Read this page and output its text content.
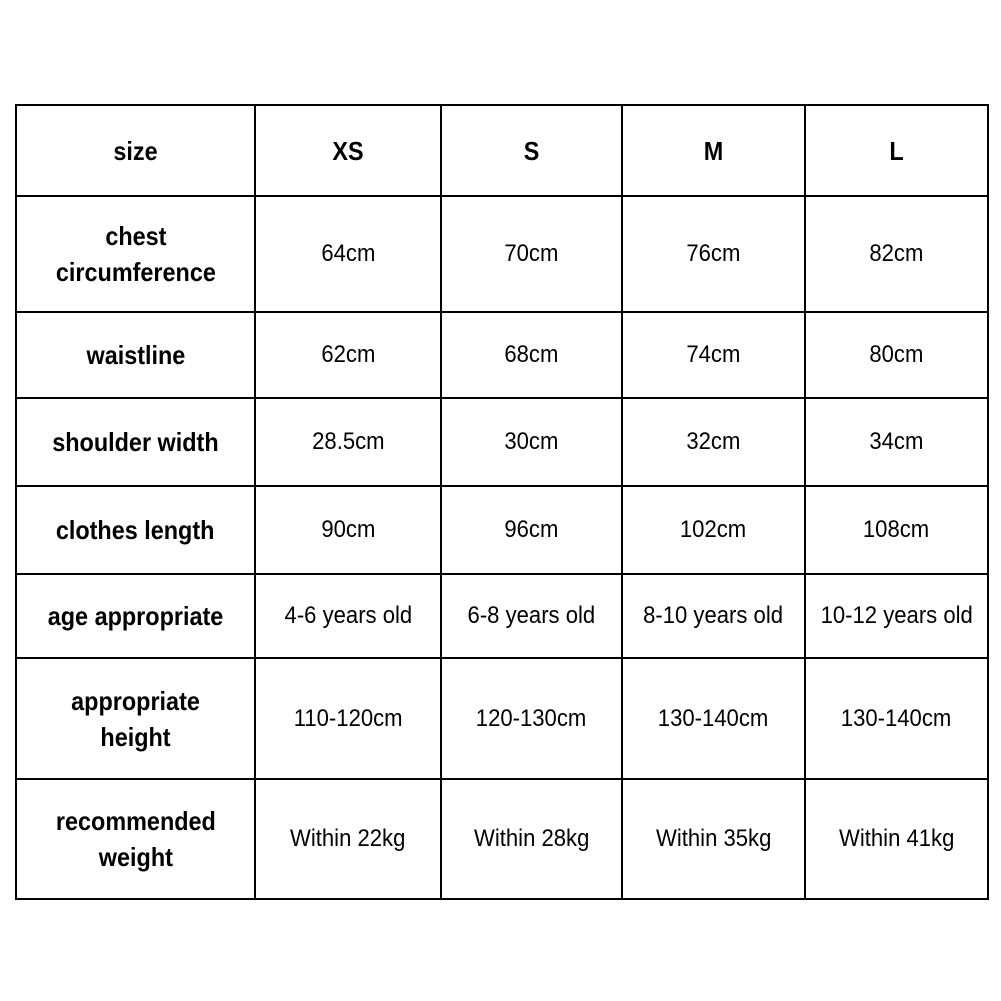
size	XS	S	M	L

chest
circumference	64cm	70cm	76cm	82cm

waistline	62cm	68cm	74cm	80cm

shoulder width	28.5cm	30cm	32cm	34cm

clothes length	90cm	96cm	102cm	108cm

age appropriate	4-6 years old	6-8 years old	8-10 years old	10-12 years old

appropriate
height	110-120cm	120-130cm	130-140cm	130-140cm

recommended
weight	Within 22kg	Within 28kg	Within 35kg	Within 41kg
